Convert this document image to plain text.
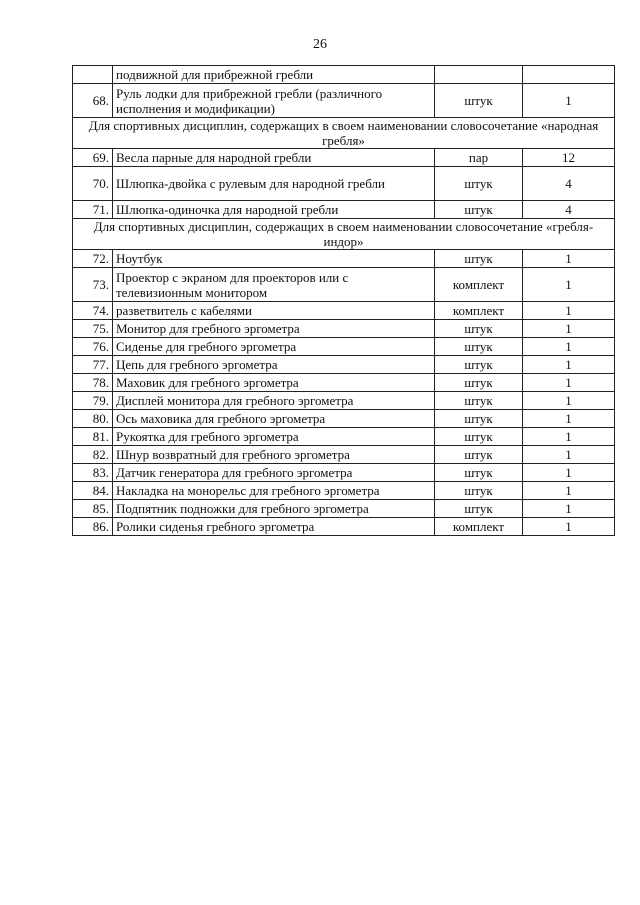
26
	подвижной для прибрежной гребли		
68.	Руль лодки для прибрежной гребли (различного исполнения и модификации)	штук	1
Для спортивных дисциплин, содержащих в своем наименовании словосочетание «народная гребля»			
69.	Весла парные для народной гребли	пар	12
70.	Шлюпка-двойка с рулевым для народной гребли	штук	4
71.	Шлюпка-одиночка для народной гребли	штук	4
Для спортивных дисциплин, содержащих в своем наименовании словосочетание «гребля-индор»			
72.	Ноутбук	штук	1
73.	Проектор с экраном для проекторов или с телевизионным монитором	комплект	1
74.	разветвитель с кабелями	комплект	1
75.	Монитор для гребного эргометра	штук	1
76.	Сиденье для гребного эргометра	штук	1
77.	Цепь для гребного эргометра	штук	1
78.	Маховик для гребного эргометра	штук	1
79.	Дисплей монитора для гребного эргометра	штук	1
80.	Ось маховика для гребного эргометра	штук	1
81.	Рукоятка для гребного эргометра	штук	1
82.	Шнур возвратный для гребного эргометра	штук	1
83.	Датчик генератора для гребного эргометра	штук	1
84.	Накладка на монорельс для гребного эргометра	штук	1
85.	Подпятник подножки для гребного эргометра	штук	1
86.	Ролики сиденья гребного эргометра	комплект	1
